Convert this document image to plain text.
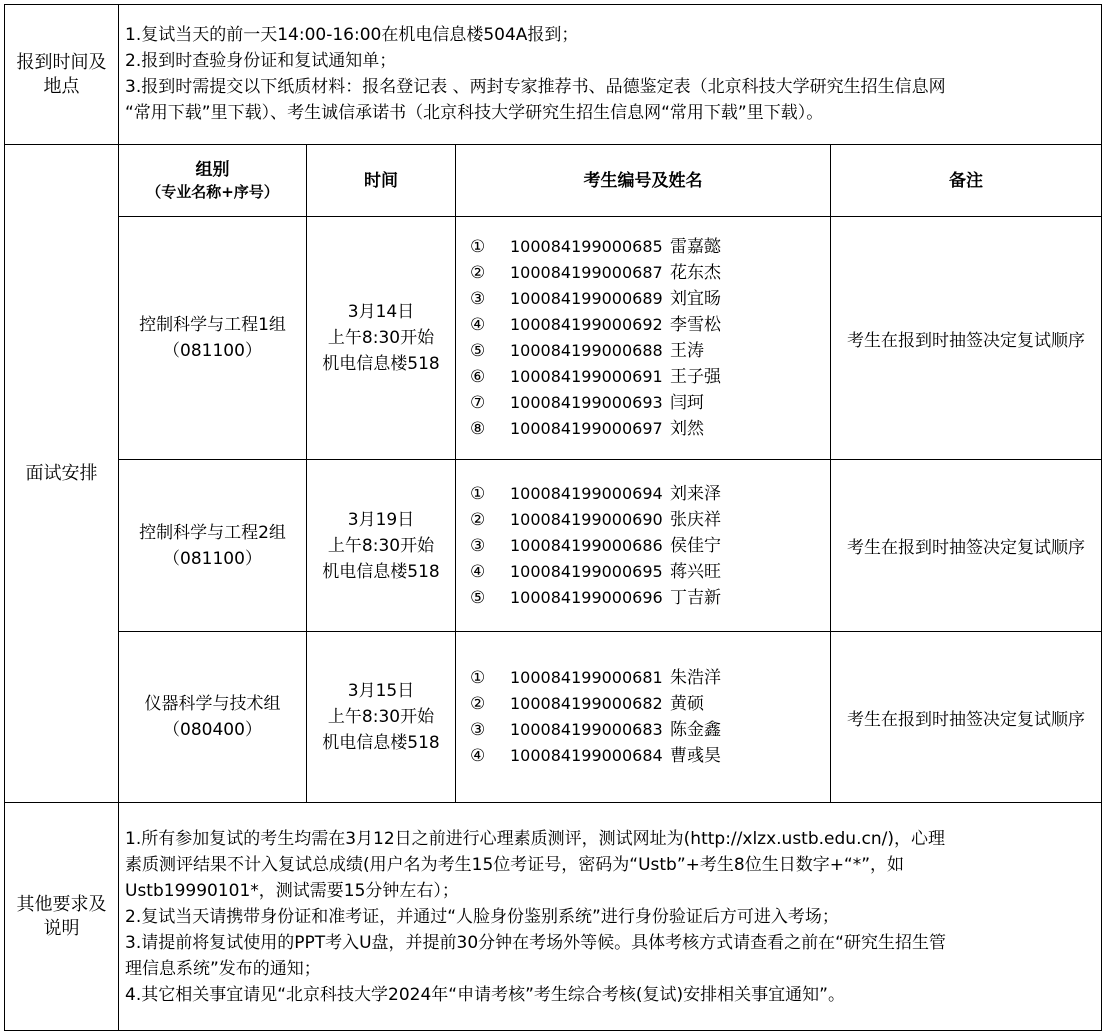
报到时间及
地点
1.复试当天的前一天14:00-16:00在机电信息楼504A报到；
2.报到时查验身份证和复试通知单；
3.报到时需提交以下纸质材料：报名登记表 、两封专家推荐书、品德鉴定表（北京科技大学研究生招生信息网
“常用下载”里下载）、考生诚信承诺书（北京科技大学研究生招生信息网“常用下载”里下载）。
面试安排
组别
（专业名称+序号）
时间	考生编号及姓名	备注
控制科学与工程1组
（081100）
3月14日
上午8:30开始
机电信息楼518
① 100084199000685 雷嘉懿
② 100084199000687 花东杰
③ 100084199000689 刘宜旸
④ 100084199000692 李雪松
⑤ 100084199000688 王涛
⑥ 100084199000691 王子强
⑦ 100084199000693 闫珂
⑧ 100084199000697 刘然
考生在报到时抽签决定复试顺序
控制科学与工程2组
（081100）
3月19日
上午8:30开始
机电信息楼518
① 100084199000694 刘来泽
② 100084199000690 张庆祥
③ 100084199000686 侯佳宁
④ 100084199000695 蒋兴旺
⑤ 100084199000696 丁吉新
考生在报到时抽签决定复试顺序
仪器科学与技术组
（080400）
3月15日
上午8:30开始
机电信息楼518
① 100084199000681 朱浩洋
② 100084199000682 黄硕
③ 100084199000683 陈金鑫
④ 100084199000684 曹彧昊
考生在报到时抽签决定复试顺序
其他要求及
说明
1.所有参加复试的考生均需在3月12日之前进行心理素质测评，测试网址为(http://xlzx.ustb.edu.cn/)，心理
素质测评结果不计入复试总成绩(用户名为考生15位考证号，密码为“Ustb”+考生8位生日数字+“*”，如
Ustb19990101*，测试需要15分钟左右）；
2.复试当天请携带身份证和准考证，并通过“人脸身份鉴别系统”进行身份验证后方可进入考场；
3.请提前将复试使用的PPT考入U盘，并提前30分钟在考场外等候。具体考核方式请查看之前在“研究生招生管
理信息系统”发布的通知；
4.其它相关事宜请见“北京科技大学2024年“申请考核”考生综合考核(复试)安排相关事宜通知”。
